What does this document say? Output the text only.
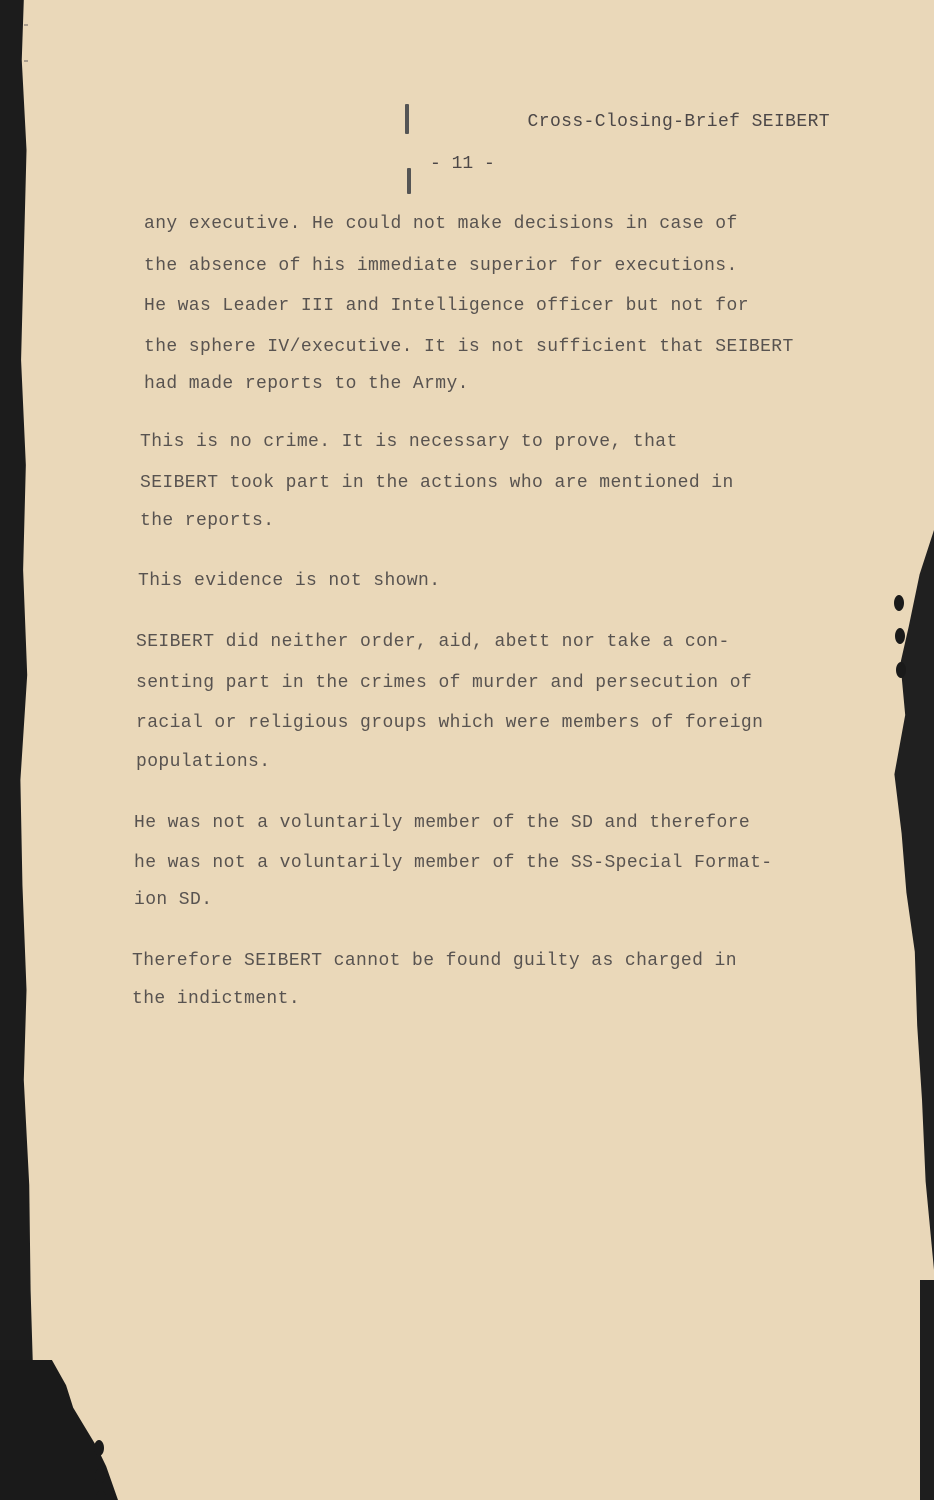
Cross-Closing-Brief SEIBERT
- 11 -
any executive. He could not make decisions in case of
the absence of his immediate superior for executions.
He was Leader III and Intelligence officer but not for
the sphere IV/executive. It is not sufficient that SEIBERT
had made reports to the Army.
This is no crime. It is necessary to prove, that
SEIBERT took part in the actions who are mentioned in
the reports.
This evidence is not shown.
SEIBERT did neither order, aid, abett nor take a con-
senting part in the crimes of murder and persecution of
racial or religious groups which were members of foreign
populations.
He was not a voluntarily member of the SD and therefore
he was not a voluntarily member of the SS-Special Format-
ion SD.
Therefore SEIBERT cannot be found guilty as charged in
the indictment.
